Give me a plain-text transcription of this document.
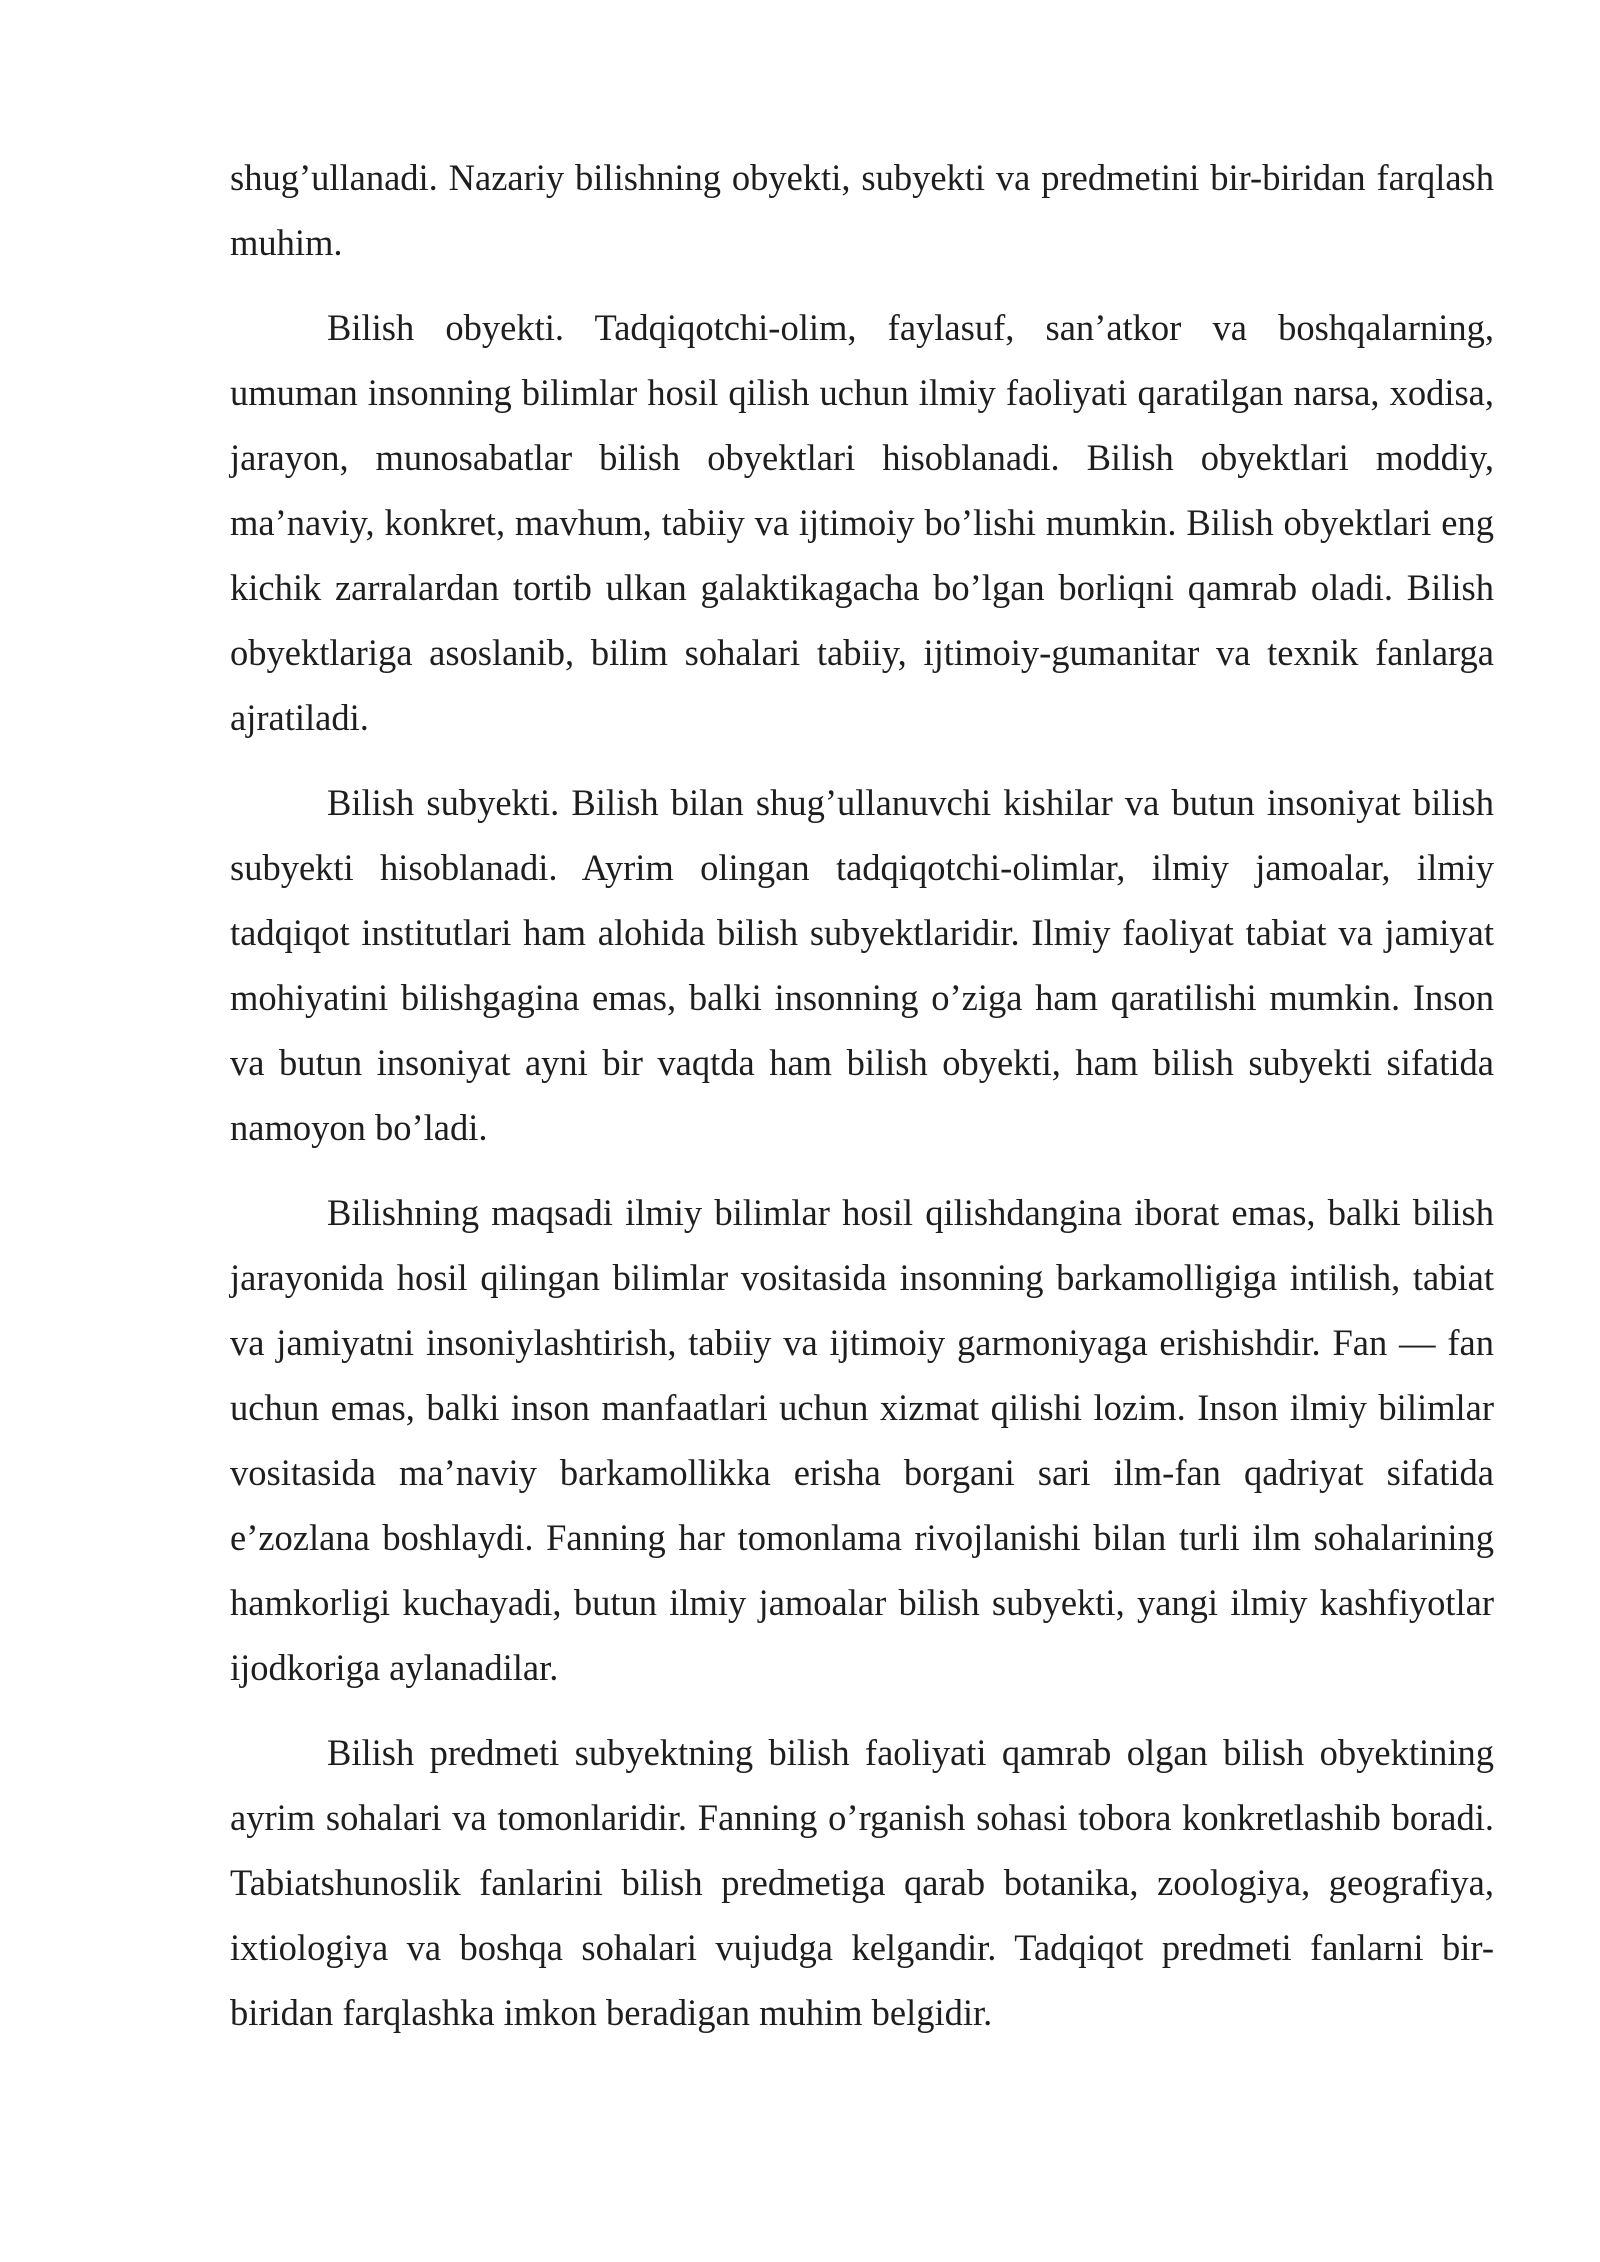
shug’ullanadi. Nazariy bilishning obyekti, subyekti va predmetini bir-biridan farqlash muhim.

Bilish obyekti. Tadqiqotchi-olim, faylasuf, san’atkor va boshqalarning, umuman insonning bilimlar hosil qilish uchun ilmiy faoliyati qaratilgan narsa, xodisa, jarayon, munosabatlar bilish obyektlari hisoblanadi. Bilish obyektlari moddiy, ma’naviy, konkret, mavhum, tabiiy va ijtimoiy bo’lishi mumkin. Bilish obyektlari eng kichik zarralardan tortib ulkan galaktikagacha bo’lgan borliqni qamrab oladi. Bilish obyektlariga asoslanib, bilim sohalari tabiiy, ijtimoiy-gumanitar va texnik fanlarga ajratiladi.

Bilish subyekti. Bilish bilan shug’ullanuvchi kishilar va butun insoniyat bilish subyekti hisoblanadi. Ayrim olingan tadqiqotchi-olimlar, ilmiy jamoalar, ilmiy tadqiqot institutlari ham alohida bilish subyektlaridir. Ilmiy faoliyat tabiat va jamiyat mohiyatini bilishgagina emas, balki insonning o’ziga ham qaratilishi mumkin. Inson va butun insoniyat ayni bir vaqtda ham bilish obyekti, ham bilish subyekti sifatida namoyon bo’ladi.

Bilishning maqsadi ilmiy bilimlar hosil qilishdangina iborat emas, balki bilish jarayonida hosil qilingan bilimlar vositasida insonning barkamolligiga intilish, tabiat va jamiyatni insoniylashtirish, tabiiy va ijtimoiy garmoniyaga erishishdir. Fan — fan uchun emas, balki inson manfaatlari uchun xizmat qilishi lozim. Inson ilmiy bilimlar vositasida ma’naviy barkamollikka erisha borgani sari ilm-fan qadriyat sifatida e’zozlana boshlaydi. Fanning har tomonlama rivojlanishi bilan turli ilm sohalarining hamkorligi kuchayadi, butun ilmiy jamoalar bilish subyekti, yangi ilmiy kashfiyotlar ijodkoriga aylanadilar.

Bilish predmeti subyektning bilish faoliyati qamrab olgan bilish obyektining ayrim sohalari va tomonlaridir. Fanning o’rganish sohasi tobora konkretlashib boradi. Tabiatshunoslik fanlarini bilish predmetiga qarab botanika, zoologiya, geografiya, ixtiologiya va boshqa sohalari vujudga kelgandir. Tadqiqot predmeti fanlarni bir-biridan farqlashka imkon beradigan muhim belgidir.
